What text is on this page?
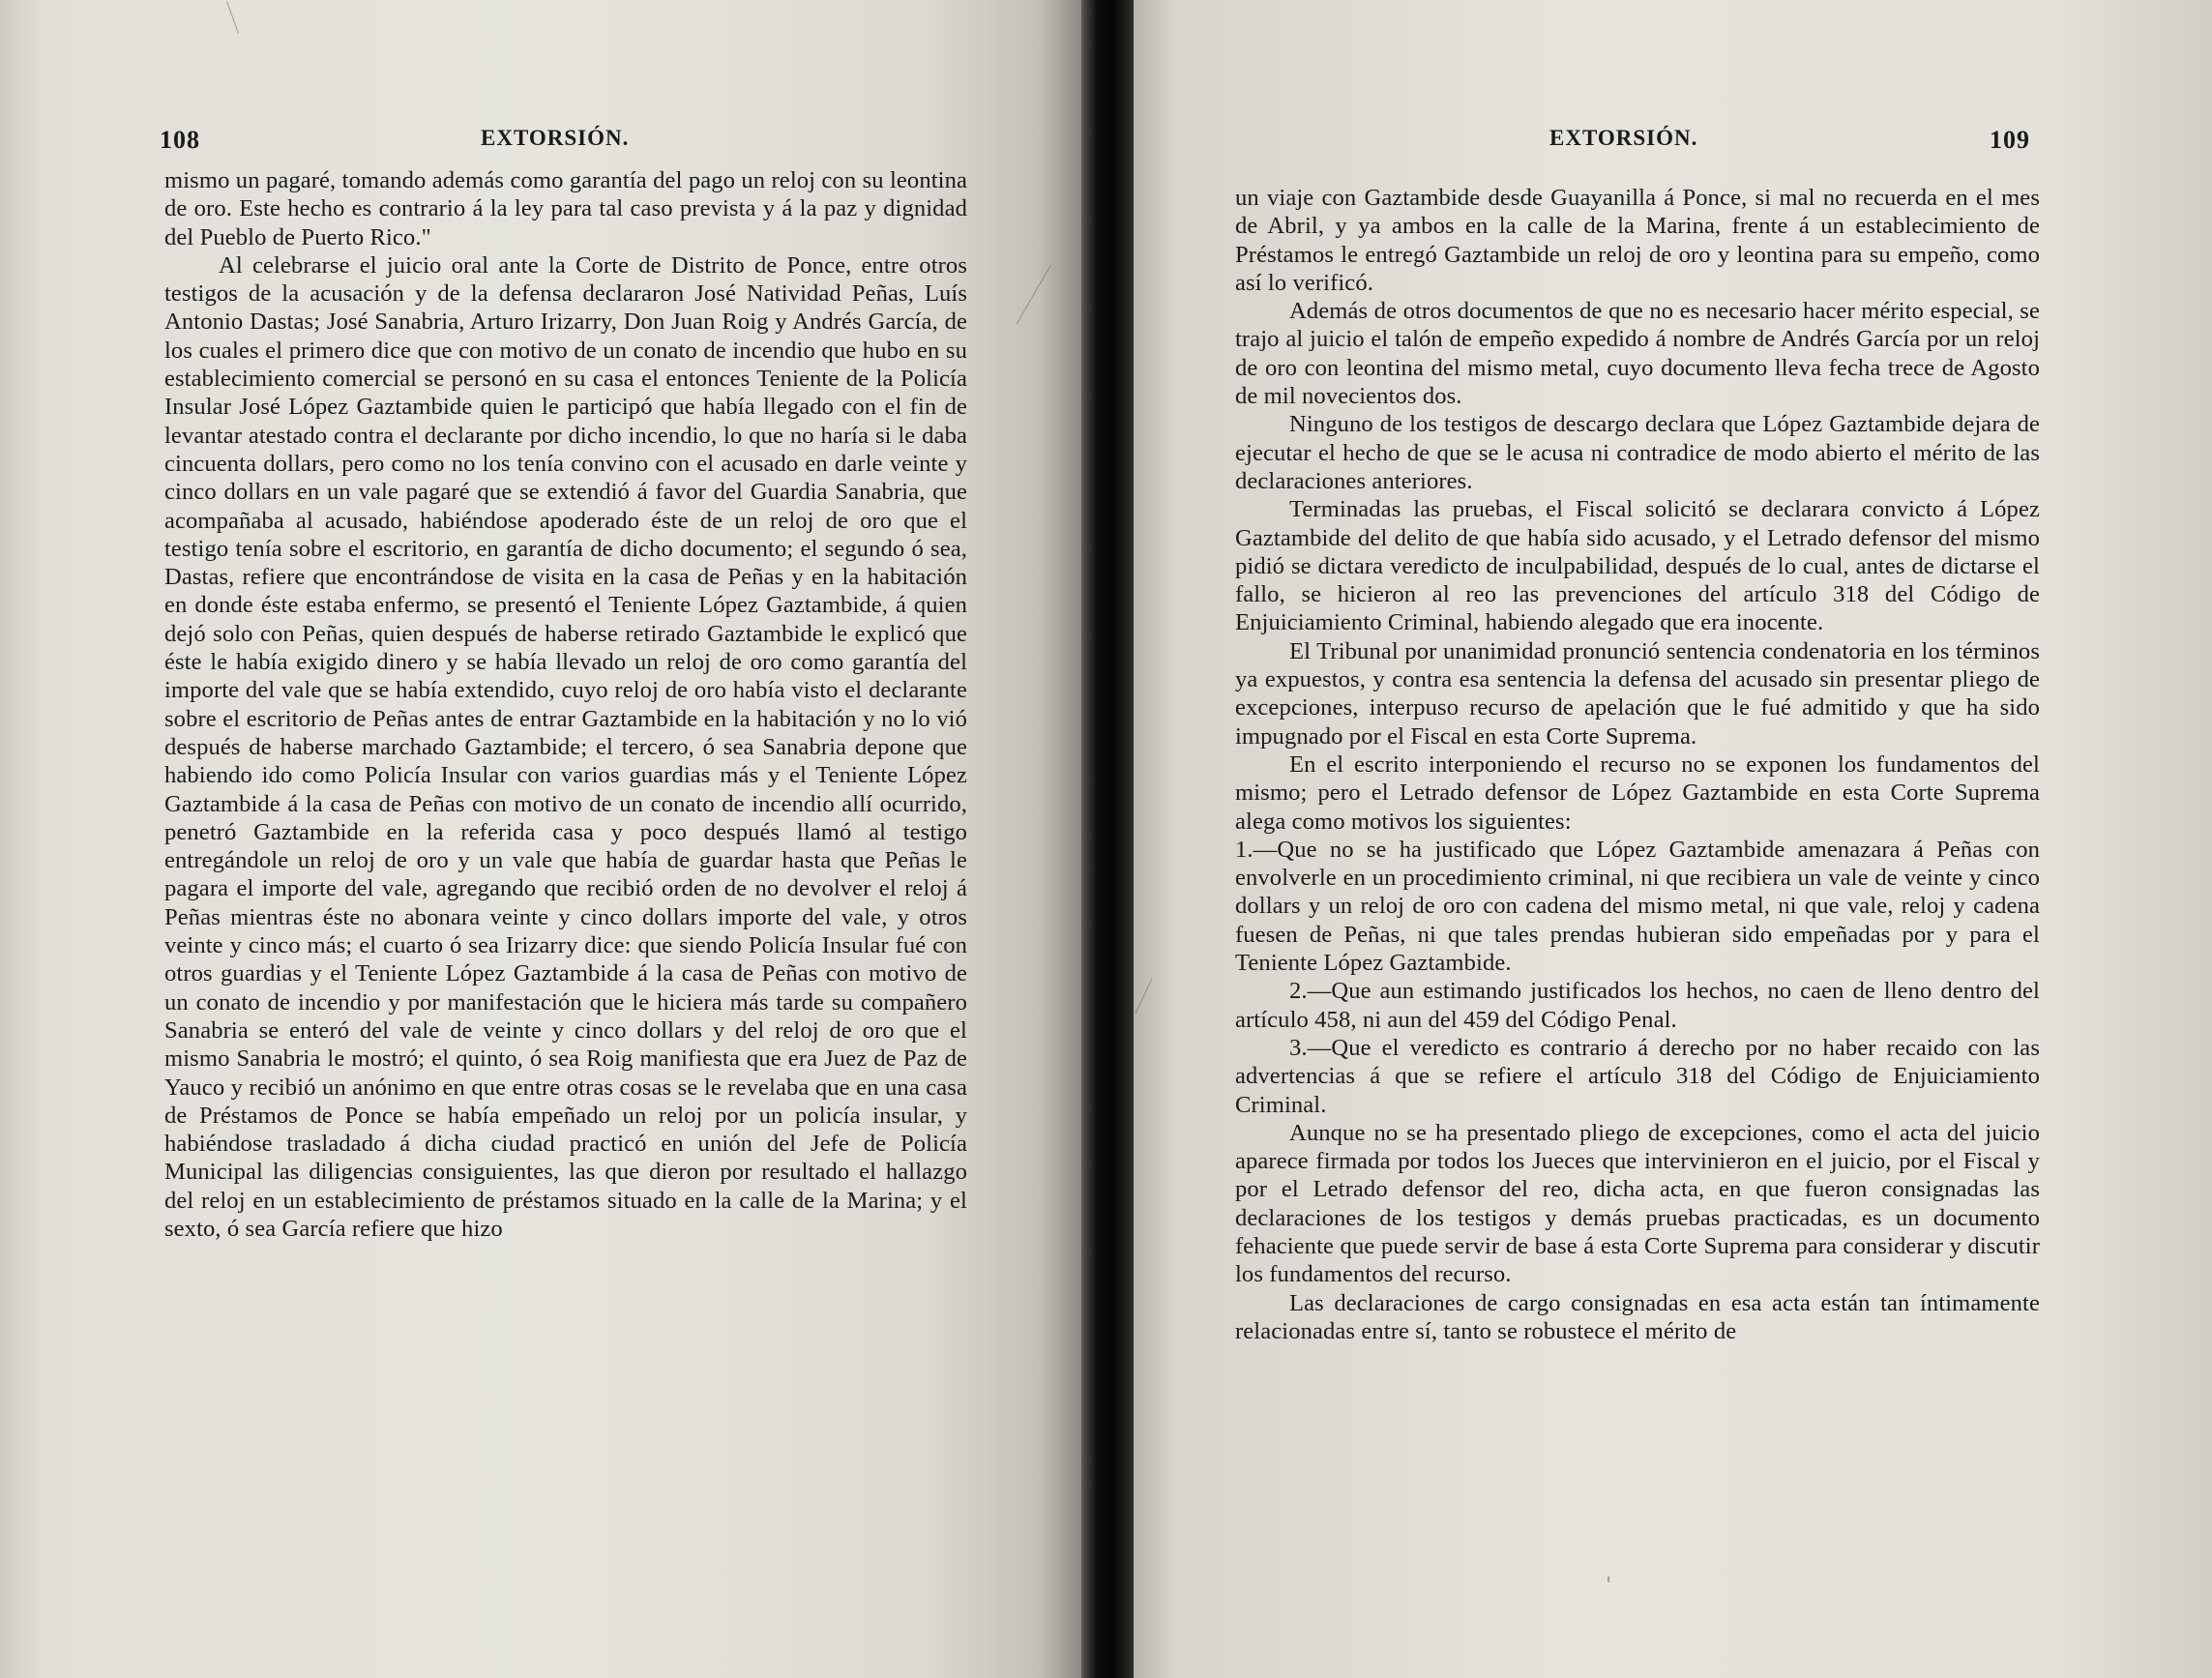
108	EXTORSIÓN.

mismo un pagaré, tomando además como garantía del pago un reloj con su leontina de oro. Este hecho es contrario á la ley para tal caso prevista y á la paz y dignidad del Pueblo de Puerto Rico."

Al celebrarse el juicio oral ante la Corte de Distrito de Ponce, entre otros testigos de la acusación y de la defensa declararon José Natividad Peñas, Luís Antonio Dastas; José Sanabria, Arturo Irizarry, Don Juan Roig y Andrés García, de los cuales el primero dice que con motivo de un conato de incendio que hubo en su establecimiento comercial se personó en su casa el entonces Teniente de la Policía Insular José López Gaztambide quien le participó que había llegado con el fin de levantar atestado contra el declarante por dicho incendio, lo que no haría si le daba cincuenta dollars, pero como no los tenía convino con el acusado en darle veinte y cinco dollars en un vale pagaré que se extendió á favor del Guardia Sanabria, que acompañaba al acusado, habiéndose apoderado éste de un reloj de oro que el testigo tenía sobre el escritorio, en garantía de dicho documento; el segundo ó sea, Dastas, refiere que encontrándose de visita en la casa de Peñas y en la habitación en donde éste estaba enfermo, se presentó el Teniente López Gaztambide, á quien dejó solo con Peñas, quien después de haberse retirado Gaztambide le explicó que éste le había exigido dinero y se había llevado un reloj de oro como garantía del importe del vale que se había extendido, cuyo reloj de oro había visto el declarante sobre el escritorio de Peñas antes de entrar Gaztambide en la habitación y no lo vió después de haberse marchado Gaztambide; el tercero, ó sea Sanabria depone que habiendo ido como Policía Insular con varios guardias más y el Teniente López Gaztambide á la casa de Peñas con motivo de un conato de incendio allí ocurrido, penetró Gaztambide en la referida casa y poco después llamó al testigo entregándole un reloj de oro y un vale que había de guardar hasta que Peñas le pagara el importe del vale, agregando que recibió orden de no devolver el reloj á Peñas mientras éste no abonara veinte y cinco dollars importe del vale, y otros veinte y cinco más; el cuarto ó sea Irizarry dice: que siendo Policía Insular fué con otros guardias y el Teniente López Gaztambide á la casa de Peñas con motivo de un conato de incendio y por manifestación que le hiciera más tarde su compañero Sanabria se enteró del vale de veinte y cinco dollars y del reloj de oro que el mismo Sanabria le mostró; el quinto, ó sea Roig manifiesta que era Juez de Paz de Yauco y recibió un anónimo en que entre otras cosas se le revelaba que en una casa de Préstamos de Ponce se había empeñado un reloj por un policía insular, y habiéndose trasladado á dicha ciudad practicó en unión del Jefe de Policía Municipal las diligencias consiguientes, las que dieron por resultado el hallazgo del reloj en un establecimiento de préstamos situado en la calle de la Marina; y el sexto, ó sea García refiere que hizo

EXTORSIÓN.	109

un viaje con Gaztambide desde Guayanilla á Ponce, si mal no recuerda en el mes de Abril, y ya ambos en la calle de la Marina, frente á un establecimiento de Préstamos le entregó Gaztambide un reloj de oro y leontina para su empeño, como así lo verificó.

Además de otros documentos de que no es necesario hacer mérito especial, se trajo al juicio el talón de empeño expedido á nombre de Andrés García por un reloj de oro con leontina del mismo metal, cuyo documento lleva fecha trece de Agosto de mil novecientos dos.

Ninguno de los testigos de descargo declara que López Gaztambide dejara de ejecutar el hecho de que se le acusa ni contradice de modo abierto el mérito de las declaraciones anteriores.

Terminadas las pruebas, el Fiscal solicitó se declarara convicto á López Gaztambide del delito de que había sido acusado, y el Letrado defensor del mismo pidió se dictara veredicto de inculpabilidad, después de lo cual, antes de dictarse el fallo, se hicieron al reo las prevenciones del artículo 318 del Código de Enjuiciamiento Criminal, habiendo alegado que era inocente.

El Tribunal por unanimidad pronunció sentencia condenatoria en los términos ya expuestos, y contra esa sentencia la defensa del acusado sin presentar pliego de excepciones, interpuso recurso de apelación que le fué admitido y que ha sido impugnado por el Fiscal en esta Corte Suprema.

En el escrito interponiendo el recurso no se exponen los fundamentos del mismo; pero el Letrado defensor de López Gaztambide en esta Corte Suprema alega como motivos los siguientes:

1.—Que no se ha justificado que López Gaztambide amenazara á Peñas con envolverle en un procedimiento criminal, ni que recibiera un vale de veinte y cinco dollars y un reloj de oro con cadena del mismo metal, ni que vale, reloj y cadena fuesen de Peñas, ni que tales prendas hubieran sido empeñadas por y para el Teniente López Gaztambide.

2.—Que aun estimando justificados los hechos, no caen de lleno dentro del artículo 458, ni aun del 459 del Código Penal.

3.—Que el veredicto es contrario á derecho por no haber recaido con las advertencias á que se refiere el artículo 318 del Código de Enjuiciamiento Criminal.

Aunque no se ha presentado pliego de excepciones, como el acta del juicio aparece firmada por todos los Jueces que intervinieron en el juicio, por el Fiscal y por el Letrado defensor del reo, dicha acta, en que fueron consignadas las declaraciones de los testigos y demás pruebas practicadas, es un documento fehaciente que puede servir de base á esta Corte Suprema para considerar y discutir los fundamentos del recurso.

Las declaraciones de cargo consignadas en esa acta están tan íntimamente relacionadas entre sí, tanto se robustece el mérito de
